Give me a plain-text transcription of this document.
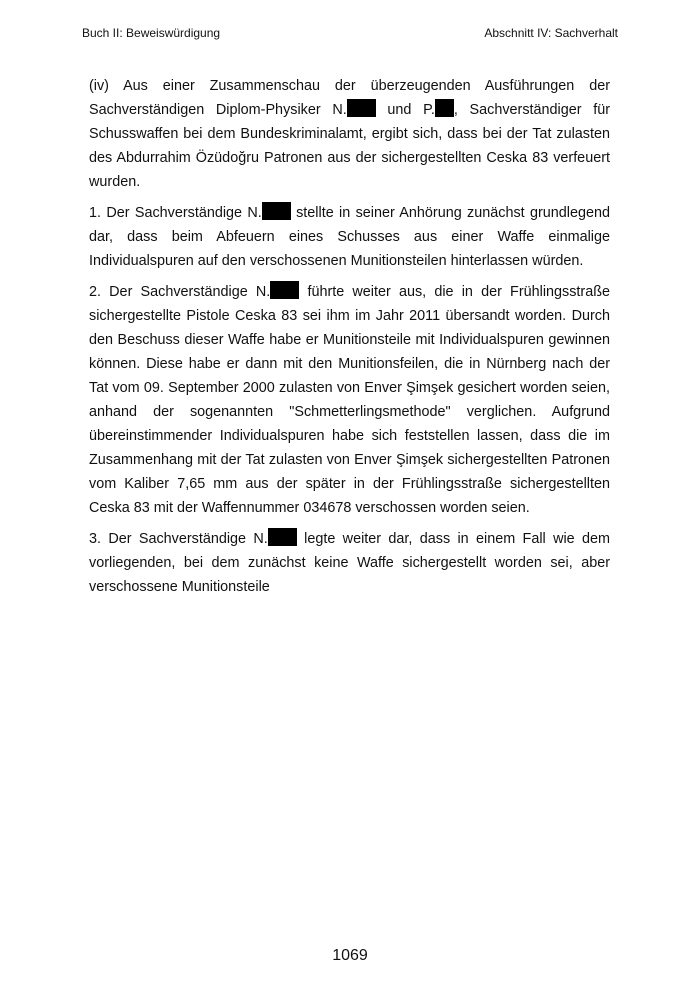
Buch II: Beweiswürdigung	Abschnitt IV: Sachverhalt

(iv) Aus einer Zusammenschau der überzeugenden Ausführungen der Sachverständigen Diplom-Physiker N. und P. , Sachverständiger für Schusswaffen bei dem Bundeskriminalamt, ergibt sich, dass bei der Tat zulasten des Abdurrahim Özüdoğru Patronen aus der sichergestellten Ceska 83 verfeuert wurden.

1. Der Sachverständige N. stellte in seiner Anhörung zunächst grundlegend dar, dass beim Abfeuern eines Schusses aus einer Waffe einmalige Individualspuren auf den verschossenen Munitionsteilen hinterlassen würden.

2. Der Sachverständige N. führte weiter aus, die in der Frühlingsstraße sichergestellte Pistole Ceska 83 sei ihm im Jahr 2011 übersandt worden. Durch den Beschuss dieser Waffe habe er Munitionsteile mit Individualspuren gewinnen können. Diese habe er dann mit den Munitionsfeilen, die in Nürnberg nach der Tat vom 09. September 2000 zulasten von Enver Şimşek gesichert worden seien, anhand der sogenannten "Schmetterlingsmethode" verglichen. Aufgrund übereinstimmender Individualspuren habe sich feststellen lassen, dass die im Zusammenhang mit der Tat zulasten von Enver Şimşek sichergestellten Patronen vom Kaliber 7,65 mm aus der später in der Frühlingsstraße sichergestellten Ceska 83 mit der Waffennummer 034678 verschossen worden seien.

3. Der Sachverständige N. legte weiter dar, dass in einem Fall wie dem vorliegenden, bei dem zunächst keine Waffe sichergestellt worden sei, aber verschossene Munitionsteile

1069
